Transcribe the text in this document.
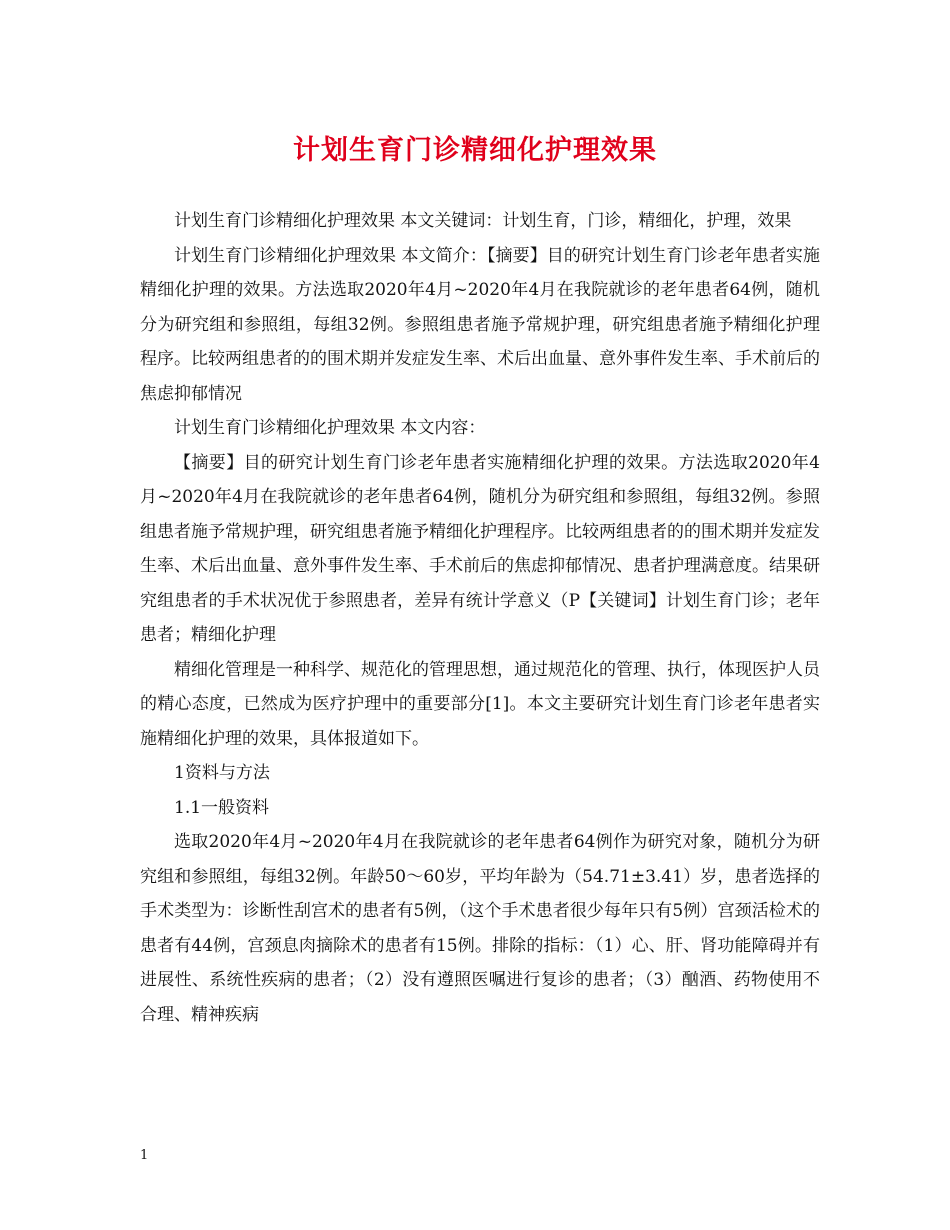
计划生育门诊精细化护理效果

计划生育门诊精细化护理效果 本文关键词：计划生育，门诊，精细化，护理，效果

计划生育门诊精细化护理效果 本文简介：【摘要】目的研究计划生育门诊老年患者实施精细化护理的效果。方法选取2020年4月~2020年4月在我院就诊的老年患者64例，随机分为研究组和参照组，每组32例。参照组患者施予常规护理，研究组患者施予精细化护理程序。比较两组患者的的围术期并发症发生率、术后出血量、意外事件发生率、手术前后的焦虑抑郁情况

计划生育门诊精细化护理效果 本文内容：

【摘要】目的研究计划生育门诊老年患者实施精细化护理的效果。方法选取2020年4月~2020年4月在我院就诊的老年患者64例，随机分为研究组和参照组，每组32例。参照组患者施予常规护理，研究组患者施予精细化护理程序。比较两组患者的的围术期并发症发生率、术后出血量、意外事件发生率、手术前后的焦虑抑郁情况、患者护理满意度。结果研究组患者的手术状况优于参照患者，差异有统计学意义（P【关键词】计划生育门诊；老年患者；精细化护理

精细化管理是一种科学、规范化的管理思想，通过规范化的管理、执行，体现医护人员的精心态度，已然成为医疗护理中的重要部分[1]。本文主要研究计划生育门诊老年患者实施精细化护理的效果，具体报道如下。

1资料与方法

1.1一般资料

选取2020年4月~2020年4月在我院就诊的老年患者64例作为研究对象，随机分为研究组和参照组，每组32例。年龄50～60岁，平均年龄为（54.71±3.41）岁，患者选择的手术类型为：诊断性刮宫术的患者有5例，（这个手术患者很少每年只有5例）宫颈活检术的患者有44例，宫颈息肉摘除术的患者有15例。排除的指标：（1）心、肝、肾功能障碍并有进展性、系统性疾病的患者；（2）没有遵照医嘱进行复诊的患者；（3）酗酒、药物使用不合理、精神疾病

1
